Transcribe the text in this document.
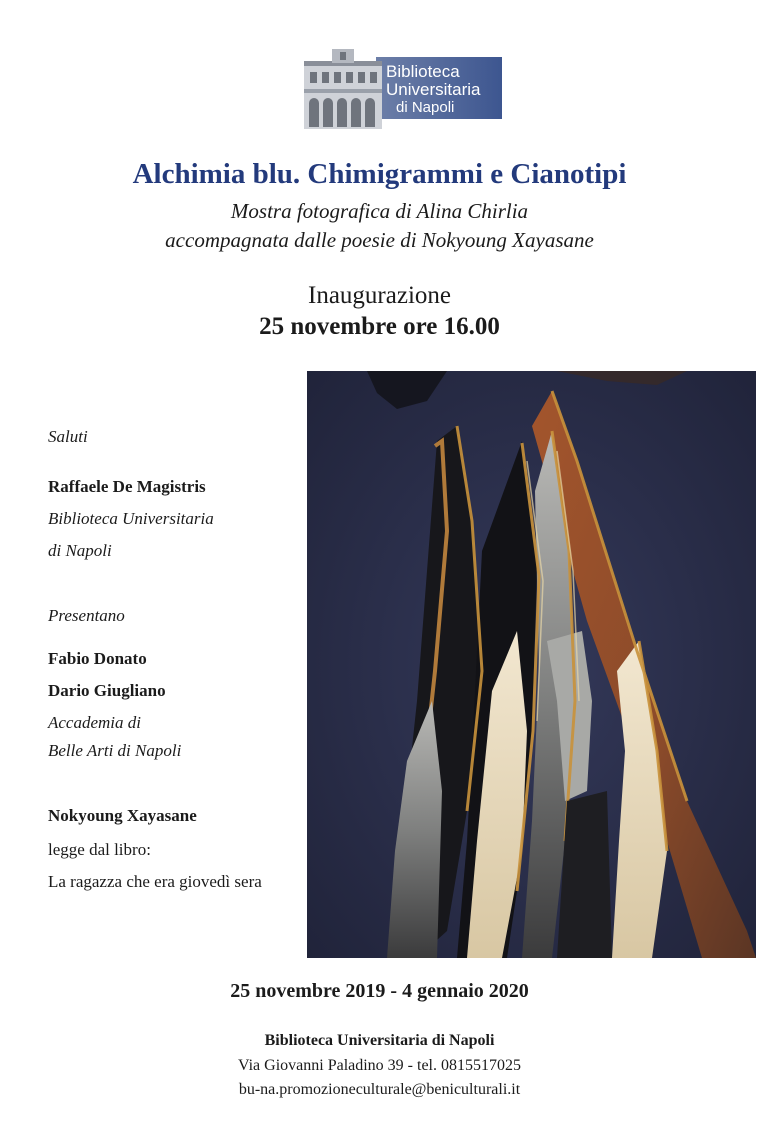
Biblioteca
Universitaria
di Napoli
Alchimia blu. Chimigrammi e Cianotipi
Mostra fotografica di Alina Chirlia
accompagnata dalle poesie di Nokyoung Xayasane
Inaugurazione
25 novembre ore 16.00
Saluti
Raffaele De Magistris
Biblioteca Universitaria
di Napoli
Presentano
Fabio Donato
Dario Giugliano
Accademia di
Belle Arti di Napoli
Nokyoung Xayasane
legge dal libro:
La ragazza che era giovedì sera
25 novembre 2019 - 4 gennaio 2020
Biblioteca Universitaria di Napoli
Via Giovanni Paladino 39 - tel. 0815517025
bu-na.promozioneculturale@beniculturali.it
